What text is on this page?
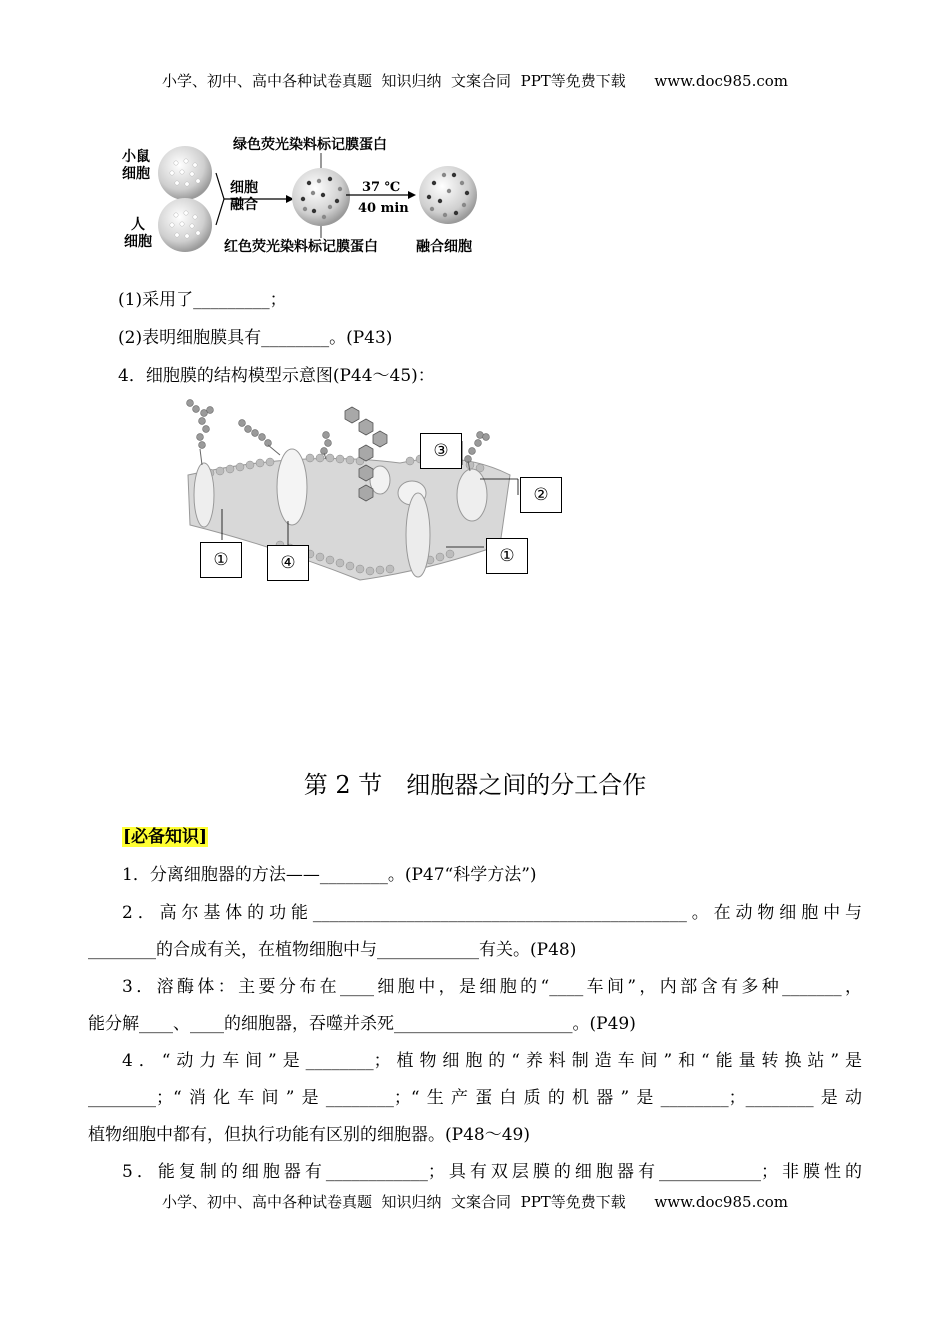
小学、初中、高中各种试卷真题  知识归纳  文案合同  PPT等免费下载      www.doc985.com
小鼠
细胞
人
细胞
细胞
融合
绿色荧光染料标记膜蛋白
红色荧光染料标记膜蛋白
37 ℃
40 min
融合细胞
(1)采用了_________；
(2)表明细胞膜具有________。(P43)
4．细胞膜的结构模型示意图(P44～45)：
③
②
①	④	①
第 2 节　细胞器之间的分工合作
[必备知识]
1．分离细胞器的方法——________。(P47“科学方法”)
2．高尔基体的功能____________________________________________。在动物细胞中与
________的合成有关，在植物细胞中与____________有关。(P48)
3．溶酶体：主要分布在____细胞中，是细胞的“____车间”，内部含有多种_______，
能分解____、____的细胞器，吞噬并杀死_____________________。(P49)
4．“动力车间”是________；植物细胞的“养料制造车间”和“能量转换站”是
________；“消化车间”是________；“生产蛋白质的机器”是________；________是动
植物细胞中都有，但执行功能有区别的细胞器。(P48～49)
5．能复制的细胞器有____________；具有双层膜的细胞器有____________；非膜性的
小学、初中、高中各种试卷真题  知识归纳  文案合同  PPT等免费下载      www.doc985.com
